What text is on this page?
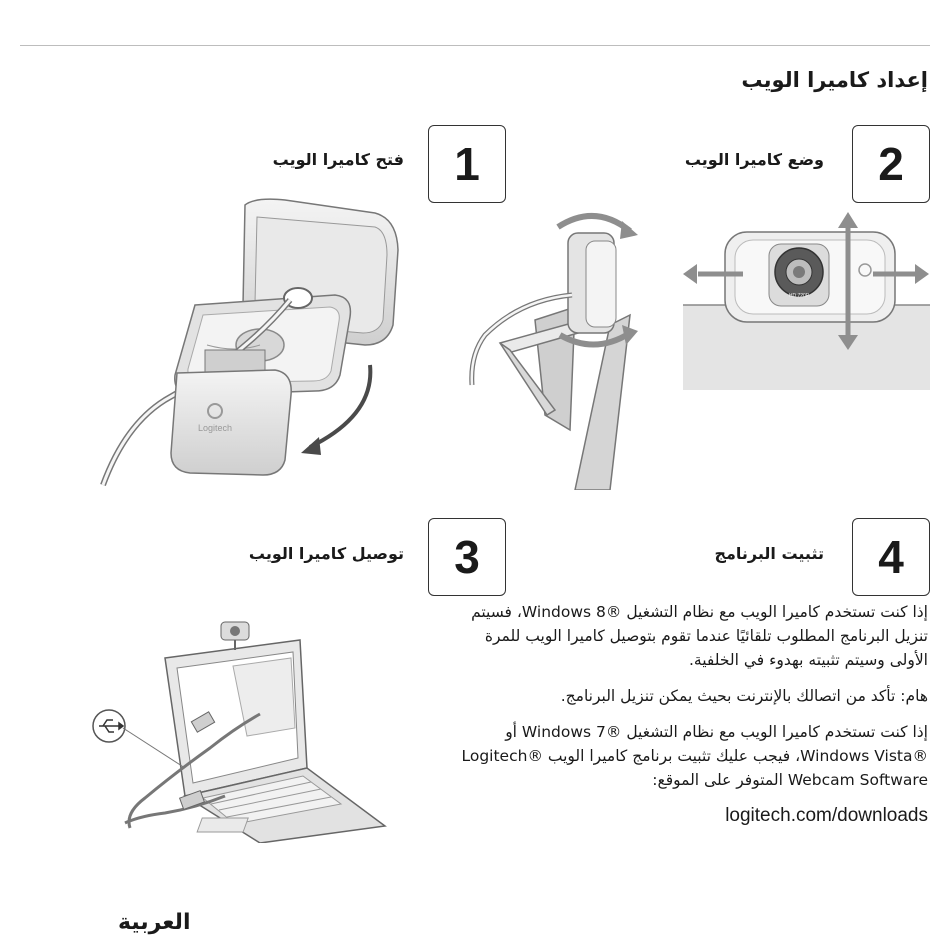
إعداد كاميرا الويب
1
فتح كاميرا الويب	2
وضع كاميرا الويب
3
توصيل كاميرا الويب	4
تثبيت البرنامج
Logitech
HD 720P

إذا كنت تستخدم كاميرا الويب مع نظام التشغيل ®Windows 8، فسيتم تنزيل البرنامج المطلوب تلقائيًا عندما تقوم بتوصيل كاميرا الويب للمرة الأولى وسيتم تثبيته بهدوء في الخلفية.

هام: تأكد من اتصالك بالإنترنت بحيث يمكن تنزيل البرنامج.

إذا كنت تستخدم كاميرا الويب مع نظام التشغيل ®Windows 7 أو ®Windows Vista، فيجب عليك تثبيت برنامج كاميرا الويب ®Logitech Webcam Software المتوفر على الموقع:

logitech.com/downloads

العربية
